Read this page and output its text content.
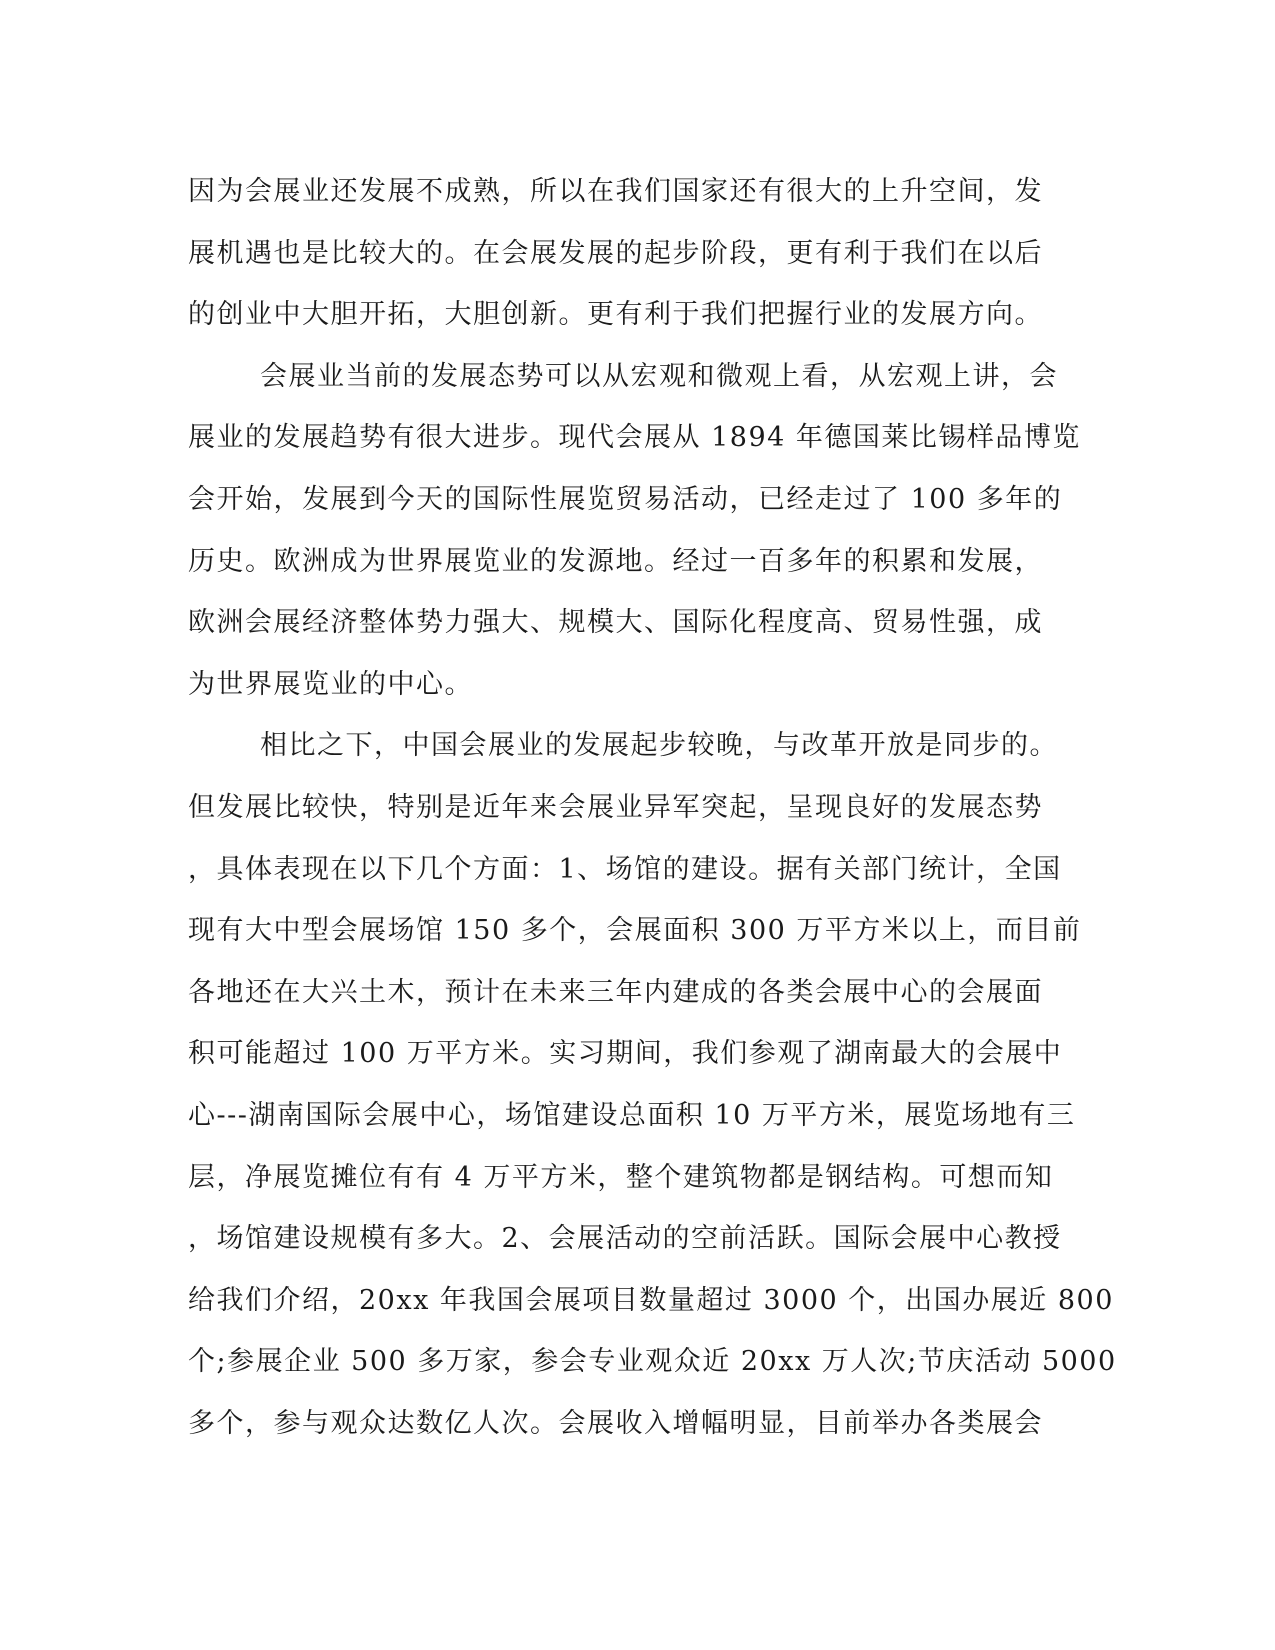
因为会展业还发展不成熟，所以在我们国家还有很大的上升空间，发
展机遇也是比较大的。在会展发展的起步阶段，更有利于我们在以后
的创业中大胆开拓，大胆创新。更有利于我们把握行业的发展方向。
会展业当前的发展态势可以从宏观和微观上看，从宏观上讲，会
展业的发展趋势有很大进步。现代会展从 1894 年德国莱比锡样品博览
会开始，发展到今天的国际性展览贸易活动，已经走过了 100 多年的
历史。欧洲成为世界展览业的发源地。经过一百多年的积累和发展，
欧洲会展经济整体势力强大、规模大、国际化程度高、贸易性强，成
为世界展览业的中心。
相比之下，中国会展业的发展起步较晚，与改革开放是同步的。
但发展比较快，特别是近年来会展业异军突起，呈现良好的发展态势
，具体表现在以下几个方面：1、场馆的建设。据有关部门统计，全国
现有大中型会展场馆 150 多个，会展面积 300 万平方米以上，而目前
各地还在大兴土木，预计在未来三年内建成的各类会展中心的会展面
积可能超过 100 万平方米。实习期间，我们参观了湖南最大的会展中
心---湖南国际会展中心，场馆建设总面积 10 万平方米，展览场地有三
层，净展览摊位有有 4 万平方米，整个建筑物都是钢结构。可想而知
，场馆建设规模有多大。2、会展活动的空前活跃。国际会展中心教授
给我们介绍，20xx 年我国会展项目数量超过 3000 个，出国办展近 800
个;参展企业 500 多万家，参会专业观众近 20xx 万人次;节庆活动 5000
多个，参与观众达数亿人次。会展收入增幅明显，目前举办各类展会
